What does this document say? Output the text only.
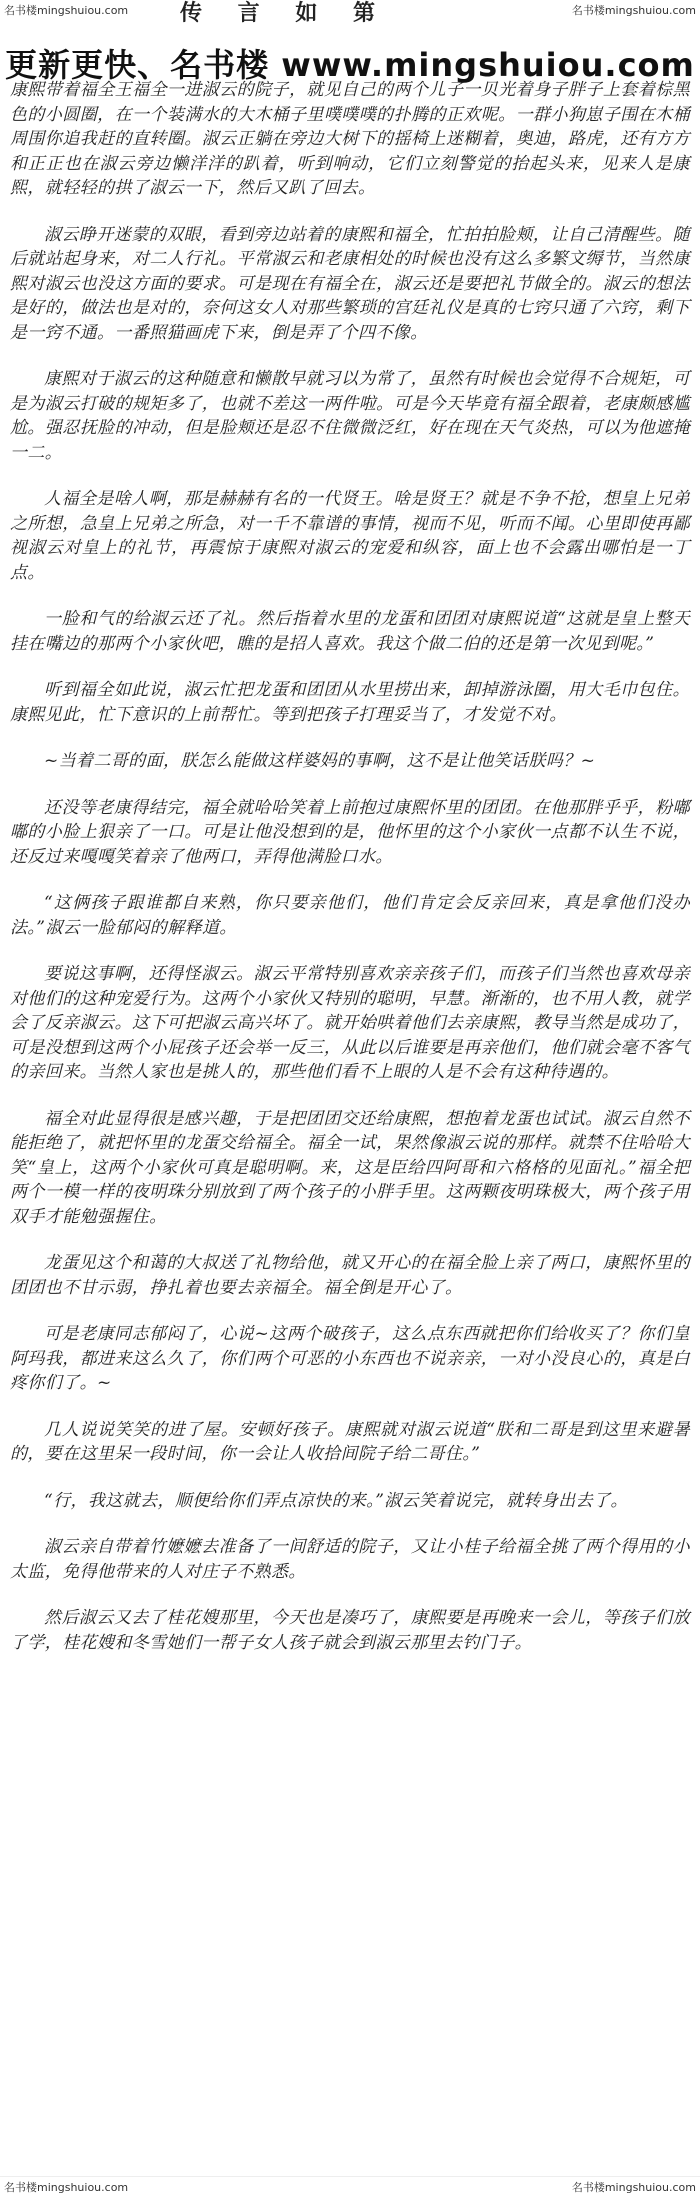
传 言 如 第
名书楼mingshuiou.com	名书楼mingshuiou.com
更新更快、名书楼 www.mingshuiou.com

康熙带着福全王福全一进淑云的院子，就见自己的两个儿子一贝光着身子胖子上套着棕黑色的小圆圈，在一个装满水的大木桶子里噗噗噗的扑腾的正欢呢。一群小狗崽子围在木桶周围你追我赶的直转圈。淑云正躺在旁边大树下的摇椅上迷糊着，奥迪，路虎，还有方方和正正也在淑云旁边懒洋洋的趴着，听到响动，它们立刻警觉的抬起头来，见来人是康熙，就轻轻的拱了淑云一下，然后又趴了回去。

淑云睁开迷蒙的双眼，看到旁边站着的康熙和福全，忙拍拍脸颊，让自己清醒些。随后就站起身来，对二人行礼。平常淑云和老康相处的时候也没有这么多繁文缛节，当然康熙对淑云也没这方面的要求。可是现在有福全在，淑云还是要把礼节做全的。淑云的想法是好的，做法也是对的，奈何这女人对那些繁琐的宫廷礼仪是真的七窍只通了六窍，剩下是一窍不通。一番照猫画虎下来，倒是弄了个四不像。

康熙对于淑云的这种随意和懒散早就习以为常了，虽然有时候也会觉得不合规矩，可是为淑云打破的规矩多了，也就不差这一两件啦。可是今天毕竟有福全跟着，老康颇感尴尬。强忍抚脸的冲动，但是脸颊还是忍不住微微泛红，好在现在天气炎热，可以为他遮掩一二。

人福全是啥人啊，那是赫赫有名的一代贤王。啥是贤王？就是不争不抢，想皇上兄弟之所想，急皇上兄弟之所急，对一千不靠谱的事情，视而不见，听而不闻。心里即使再鄙视淑云对皇上的礼节，再震惊于康熙对淑云的宠爱和纵容，面上也不会露出哪怕是一丁点。

一脸和气的给淑云还了礼。然后指着水里的龙蛋和团团对康熙说道“这就是皇上整天挂在嘴边的那两个小家伙吧，瞧的是招人喜欢。我这个做二伯的还是第一次见到呢。”

听到福全如此说，淑云忙把龙蛋和团团从水里捞出来，卸掉游泳圈，用大毛巾包住。康熙见此，忙下意识的上前帮忙。等到把孩子打理妥当了，才发觉不对。

~当着二哥的面，朕怎么能做这样婆妈的事啊，这不是让他笑话朕吗？~

还没等老康得结完，福全就哈哈笑着上前抱过康熙怀里的团团。在他那胖乎乎，粉嘟嘟的小脸上狠亲了一口。可是让他没想到的是，他怀里的这个小家伙一点都不认生不说，还反过来嘎嘎笑着亲了他两口，弄得他满脸口水。

“这俩孩子跟谁都自来熟，你只要亲他们，他们肯定会反亲回来，真是拿他们没办法。”淑云一脸郁闷的解释道。

要说这事啊，还得怪淑云。淑云平常特别喜欢亲亲孩子们，而孩子们当然也喜欢母亲对他们的这种宠爱行为。这两个小家伙又特别的聪明，早慧。渐渐的，也不用人教，就学会了反亲淑云。这下可把淑云高兴坏了。就开始哄着他们去亲康熙，教导当然是成功了，可是没想到这两个小屁孩子还会举一反三，从此以后谁要是再亲他们，他们就会毫不客气的亲回来。当然人家也是挑人的，那些他们看不上眼的人是不会有这种待遇的。

福全对此显得很是感兴趣，于是把团团交还给康熙，想抱着龙蛋也试试。淑云自然不能拒绝了，就把怀里的龙蛋交给福全。福全一试，果然像淑云说的那样。就禁不住哈哈大笑“皇上，这两个小家伙可真是聪明啊。来，这是臣给四阿哥和六格格的见面礼。”福全把两个一模一样的夜明珠分别放到了两个孩子的小胖手里。这两颗夜明珠极大，两个孩子用双手才能勉强握住。

龙蛋见这个和蔼的大叔送了礼物给他，就又开心的在福全脸上亲了两口，康熙怀里的团团也不甘示弱，挣扎着也要去亲福全。福全倒是开心了。

可是老康同志郁闷了，心说~这两个破孩子，这么点东西就把你们给收买了？你们皇阿玛我，都进来这么久了，你们两个可恶的小东西也不说亲亲，一对小没良心的，真是白疼你们了。~

几人说说笑笑的进了屋。安顿好孩子。康熙就对淑云说道“朕和二哥是到这里来避暑的，要在这里呆一段时间，你一会让人收拾间院子给二哥住。”

“行，我这就去，顺便给你们弄点凉快的来。”淑云笑着说完，就转身出去了。

淑云亲自带着竹嬷嬷去准备了一间舒适的院子，又让小桂子给福全挑了两个得用的小太监，免得他带来的人对庄子不熟悉。

然后淑云又去了桂花嫂那里，今天也是凑巧了，康熙要是再晚来一会儿，等孩子们放了学，桂花嫂和冬雪她们一帮子女人孩子就会到淑云那里去钓门子。

名书楼mingshuiou.com	名书楼mingshuiou.com
